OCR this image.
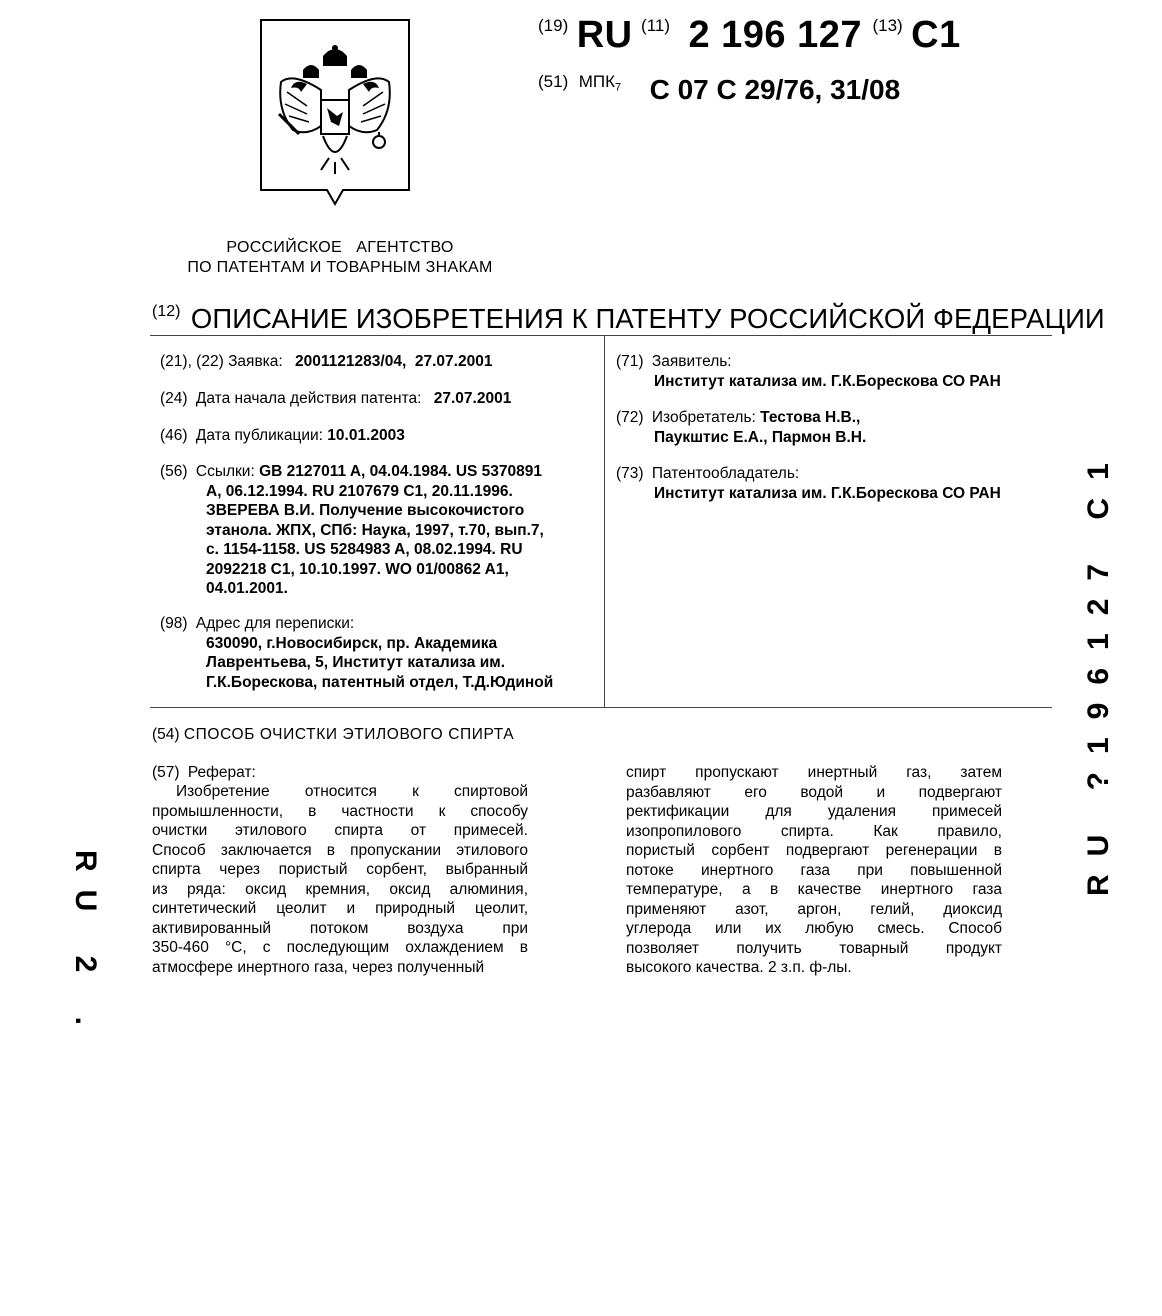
(19) RU (11) 2 196 127 (13) C1
(51) МПК$^7$ C 07 C 29/76, 31/08
РОССИЙСКОЕ   АГЕНТСТВО
ПО ПАТЕНТАМ И ТОВАРНЫМ ЗНАКАМ
(12) ОПИСАНИЕ ИЗОБРЕТЕНИЯ К ПАТЕНТУ РОССИЙСКОЙ ФЕДЕРАЦИИ
(21), (22) Заявка: 2001121283/04,  27.07.2001
(24) Дата начала действия патента: 27.07.2001
(46) Дата публикации: 10.01.2003
(56) Ссылки: GB 2127011 A, 04.04.1984. US 5370891
A, 06.12.1994. RU 2107679 C1, 20.11.1996.
ЗВЕРЕВА В.И. Получение высокочистого
этанола. ЖПХ, СПб: Наука, 1997, т.70, вып.7,
с. 1154-1158. US 5284983 A, 08.02.1994. RU
2092218 C1, 10.10.1997. WO 01/00862 A1,
04.01.2001.
(98) Адрес для переписки:
630090, г.Новосибирск, пр. Академика
Лаврентьева, 5, Институт катализа им.
Г.К.Борескова, патентный отдел, Т.Д.Юдиной
(71) Заявитель:
Институт катализа им. Г.К.Борескова СО РАН
(72) Изобретатель: Тестова Н.В.,
Паукштис Е.А., Пармон В.Н.
(73) Патентообладатель:
Институт катализа им. Г.К.Борескова СО РАН
(54) СПОСОБ ОЧИСТКИ ЭТИЛОВОГО СПИРТА
(57) Реферат:
Изобретение относится к спиртовой
промышленности, в частности к способу
очистки этилового спирта от примесей.
Способ заключается в пропускании этилового
спирта через пористый сорбент, выбранный
из ряда: оксид кремния, оксид алюминия,
синтетический цеолит и природный цеолит,
активированный потоком воздуха при
350-460 °C, с последующим охлаждением в
атмосфере инертного газа, через полученный
спирт пропускают инертный газ, затем
разбавляют его водой и подвергают
ректификации для удаления примесей
изопропилового спирта. Как правило,
пористый сорбент подвергают регенерации в
потоке инертного газа при повышенной
температуре, а в качестве инертного газа
применяют азот, аргон, гелий, диоксид
углерода или их любую смесь. Способ
позволяет получить товарный продукт
высокого качества. 2 з.п. ф-лы.
RU ?196127 C1
RU 2 .
